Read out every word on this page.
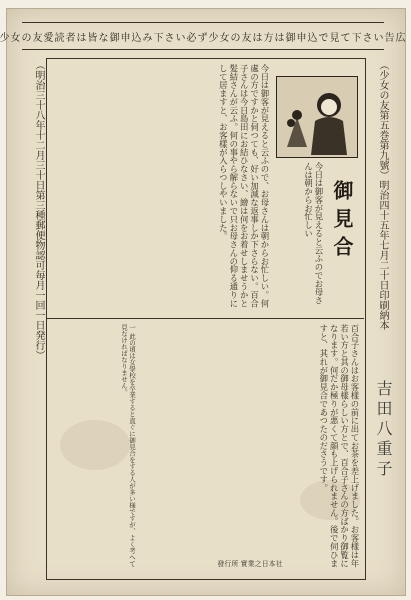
少女の友愛読者は皆な御申込み下さい必ず少女の友は方は御申込で見て下さい告広
（少女の友第五巻第九號）明治四十五年七月二十日印刷納本
（明治三十八年十二月三十日第三種郵便物認可毎月一回一日発行）	御見合
今日は御客が見えると云ふので、お母さんは朝からお忙しい。何處の方ですかと伺つても、好い加減な返事しか下さらない。百合子さんは今日島田にお結ひなさい、繪は何をお着せしませうかと髪結さんが云ふ。何の事やら解らないで只お母さんの仰る通りにして居ますと、お客樣が入らつしやいました。	今日は御客が見えると云ふのでお母さんは朝からお忙しい
百合子さんはお客樣の前に出てお茶を差上げました。お客樣は年若い方と其の御母樣らしい方とで、百合子さんの方ばかり御覧になります。何だか極りが悪くて顔も上げられません。後で伺ひますと、其れが御見合であつたのださうです。
一 此の頃は女學校を卒業すると直ぐに御見合をする人が多い様ですが、よく考へて見なければなりません。
吉田八重子
發行所 實業之日本社
